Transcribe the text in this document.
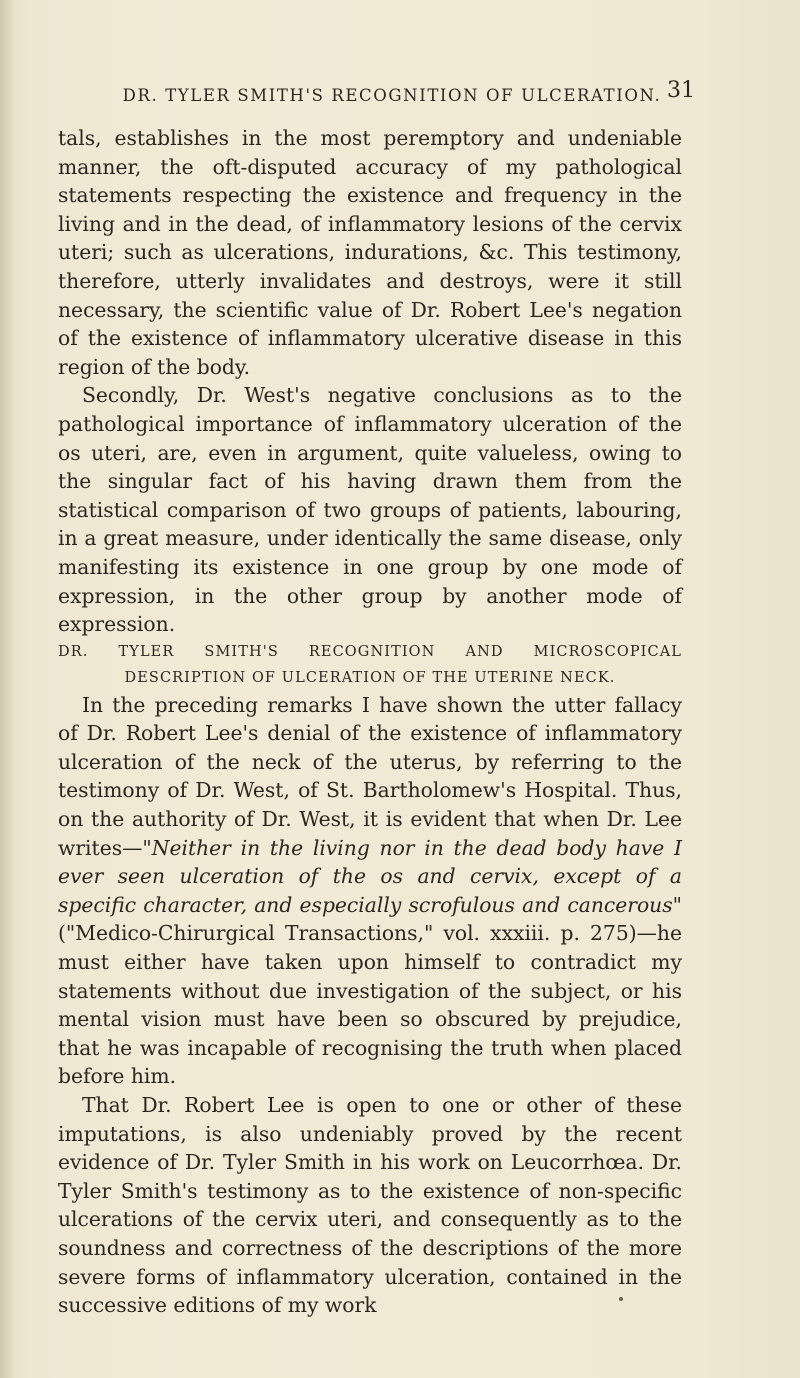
DR. TYLER SMITH'S RECOGNITION OF ULCERATION. 31

tals, establishes in the most peremptory and undeniable manner, the oft-disputed accuracy of my pathological statements respecting the existence and frequency in the living and in the dead, of inflammatory lesions of the cervix uteri; such as ulcerations, indurations, &c. This testimony, therefore, utterly invalidates and destroys, were it still necessary, the scientific value of Dr. Robert Lee's negation of the existence of inflammatory ulcerative disease in this region of the body.

Secondly, Dr. West's negative conclusions as to the pathological importance of inflammatory ulceration of the os uteri, are, even in argument, quite valueless, owing to the singular fact of his having drawn them from the statistical comparison of two groups of patients, labouring, in a great measure, under identically the same disease, only manifesting its existence in one group by one mode of expression, in the other group by another mode of expression.

DR. TYLER SMITH'S RECOGNITION AND MICROSCOPICAL DESCRIPTION OF ULCERATION OF THE UTERINE NECK.

In the preceding remarks I have shown the utter fallacy of Dr. Robert Lee's denial of the existence of inflammatory ulceration of the neck of the uterus, by referring to the testimony of Dr. West, of St. Bartholomew's Hospital. Thus, on the authority of Dr. West, it is evident that when Dr. Lee writes—"Neither in the living nor in the dead body have I ever seen ulceration of the os and cervix, except of a specific character, and especially scrofulous and cancerous" ("Medico-Chirurgical Transactions," vol. xxxiii. p. 275)—he must either have taken upon himself to contradict my statements without due investigation of the subject, or his mental vision must have been so obscured by prejudice, that he was incapable of recognising the truth when placed before him.

That Dr. Robert Lee is open to one or other of these imputations, is also undeniably proved by the recent evidence of Dr. Tyler Smith in his work on Leucorrhœa. Dr. Tyler Smith's testimony as to the existence of non-specific ulcerations of the cervix uteri, and consequently as to the soundness and correctness of the descriptions of the more severe forms of inflammatory ulceration, contained in the successive editions of my work
